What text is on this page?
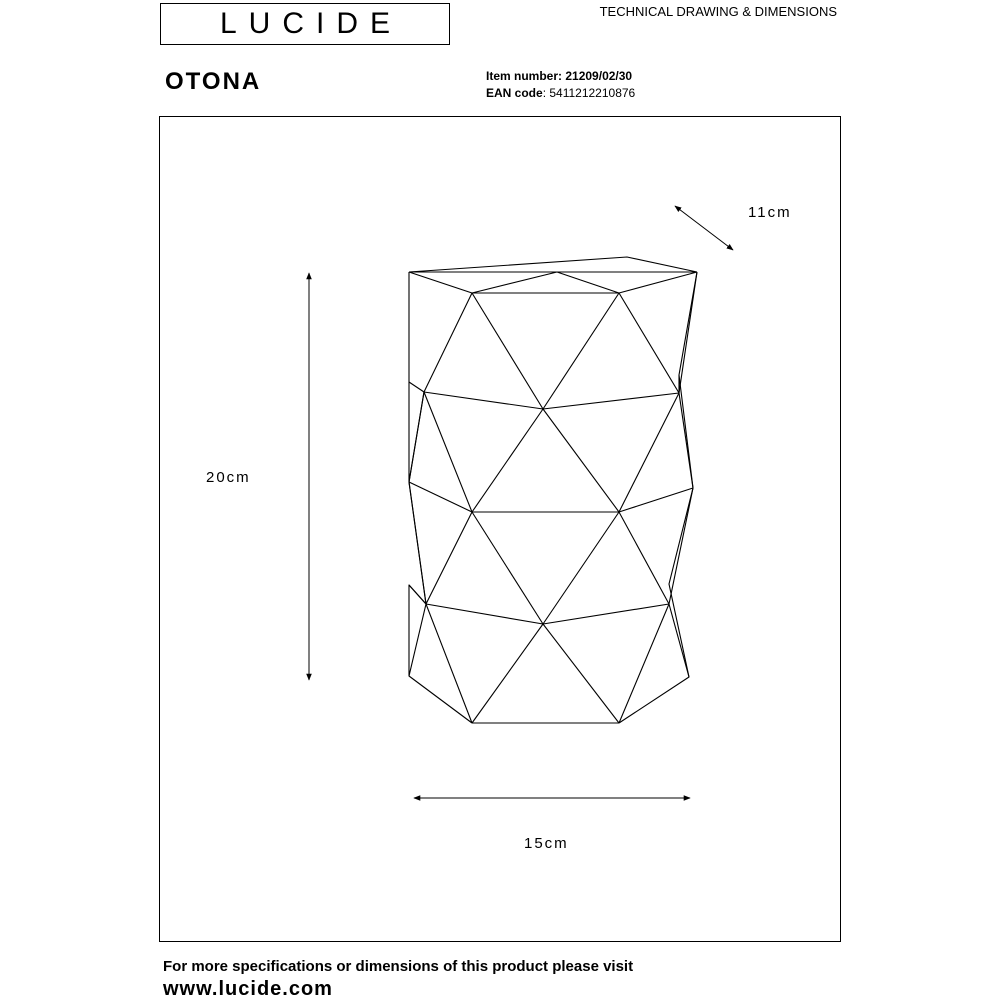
LUCIDE	TECHNICAL DRAWING & DIMENSIONS
OTONA	Item number: 21209/02/30
EAN code: 5411212210876
11cm
20cm
15cm
For more specifications or dimensions of this product please visit
www.lucide.com
